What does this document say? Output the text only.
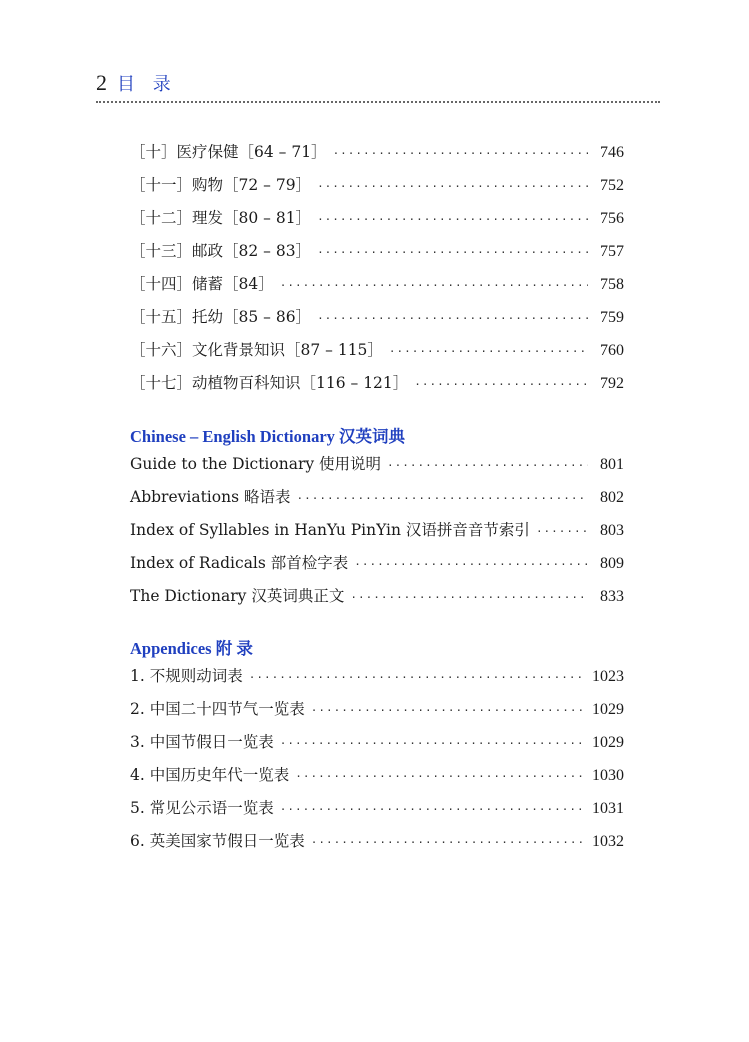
2 目 录
［十］医疗保健［64 – 71］ ·····	746
［十一］购物［72 – 79］ ·····	752
［十二］理发［80 – 81］ ·····	756
［十三］邮政［82 – 83］ ·····	757
［十四］储蓄［84］ ·····	758
［十五］托幼［85 – 86］ ·····	759
［十六］文化背景知识［87 – 115］ ·····	760
［十七］动植物百科知识［116 – 121］ ·····	792
Chinese – English Dictionary 汉英词典
Guide to the Dictionary 使用说明 ·····	801
Abbreviations 略语表 ·····	802
Index of Syllables in HanYu PinYin 汉语拼音音节索引 ·····	803
Index of Radicals 部首检字表 ·····	809
The Dictionary 汉英词典正文 ·····	833
Appendices 附 录
1. 不规则动词表 ·····	1023
2. 中国二十四节气一览表 ·····	1029
3. 中国节假日一览表 ·····	1029
4. 中国历史年代一览表 ·····	1030
5. 常见公示语一览表 ·····	1031
6. 英美国家节假日一览表 ·····	1032
